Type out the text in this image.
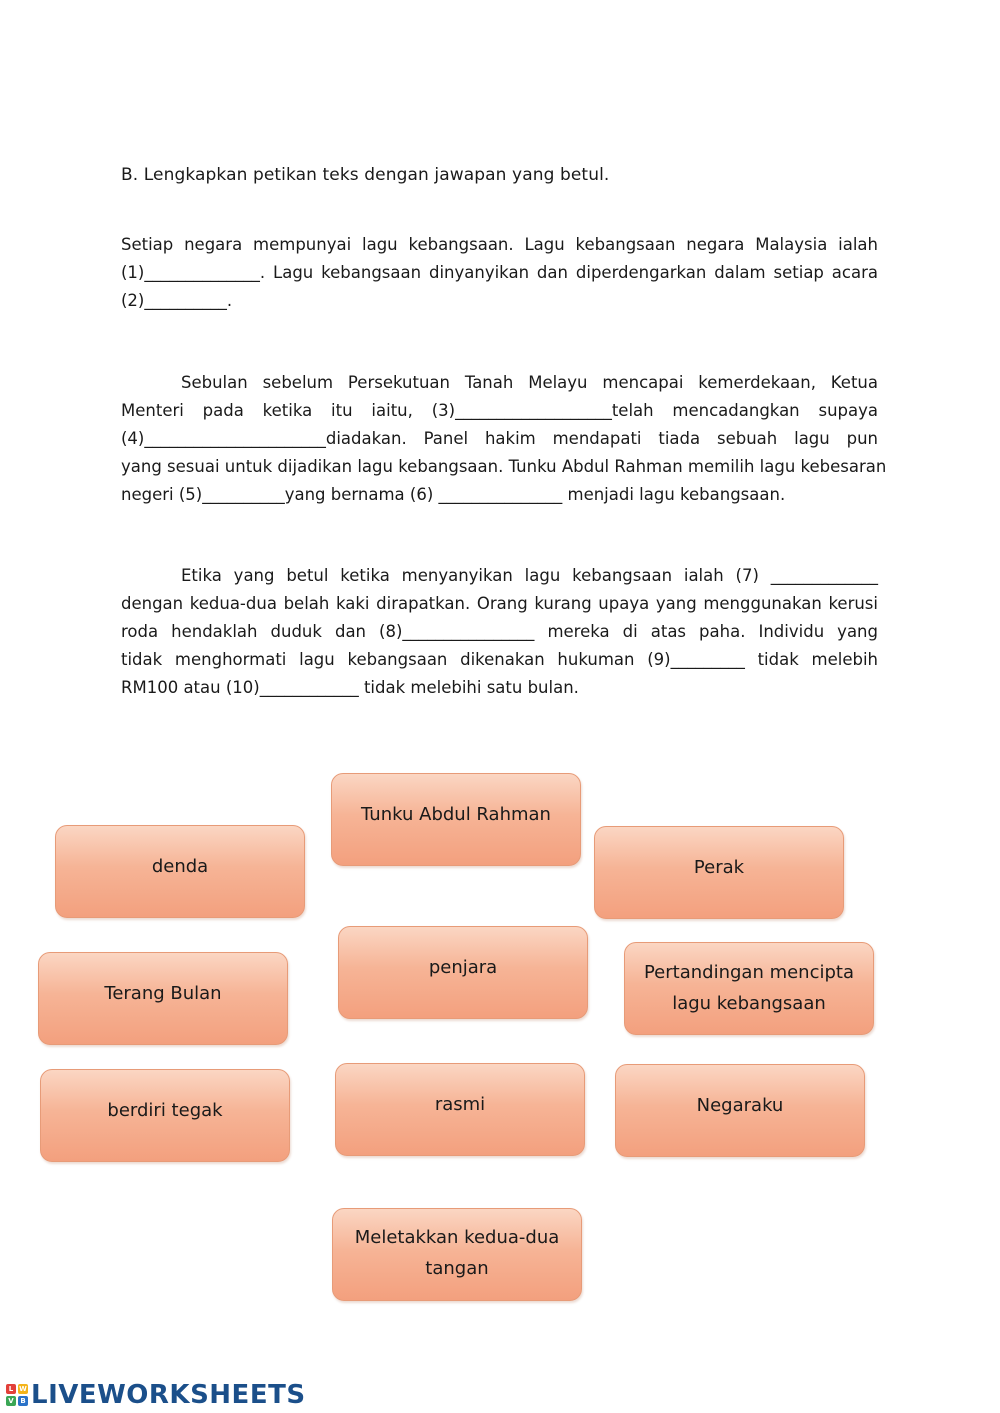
B. Lengkapkan petikan teks dengan jawapan yang betul.
Setiap negara mempunyai lagu kebangsaan. Lagu kebangsaan negara Malaysia ialah
(1)______________. Lagu kebangsaan dinyanyikan dan diperdengarkan dalam setiap acara
(2)__________.
Sebulan sebelum Persekutuan Tanah Melayu mencapai kemerdekaan, Ketua
Menteri pada ketika itu iaitu, (3)___________________telah mencadangkan supaya
(4)______________________diadakan. Panel hakim mendapati tiada sebuah lagu pun
yang sesuai untuk dijadikan lagu kebangsaan. Tunku Abdul Rahman memilih lagu kebesaran
negeri (5)__________yang bernama (6) _______________ menjadi lagu kebangsaan.
Etika yang betul ketika menyanyikan lagu kebangsaan ialah (7) _____________
dengan kedua-dua belah kaki dirapatkan. Orang kurang upaya yang menggunakan kerusi
roda hendaklah duduk dan (8)________________ mereka di atas paha. Individu yang
tidak menghormati lagu kebangsaan dikenakan hukuman (9)_________ tidak melebih
RM100 atau (10)____________ tidak melebihi satu bulan.
Tunku Abdul Rahman
denda	Perak
penjara
Terang Bulan
Pertandingan mencipta
lagu kebangsaan
berdiri tegak	rasmi	Negaraku
Meletakkan kedua-dua
tangan
L W
V B LIVEWORKSHEETS
